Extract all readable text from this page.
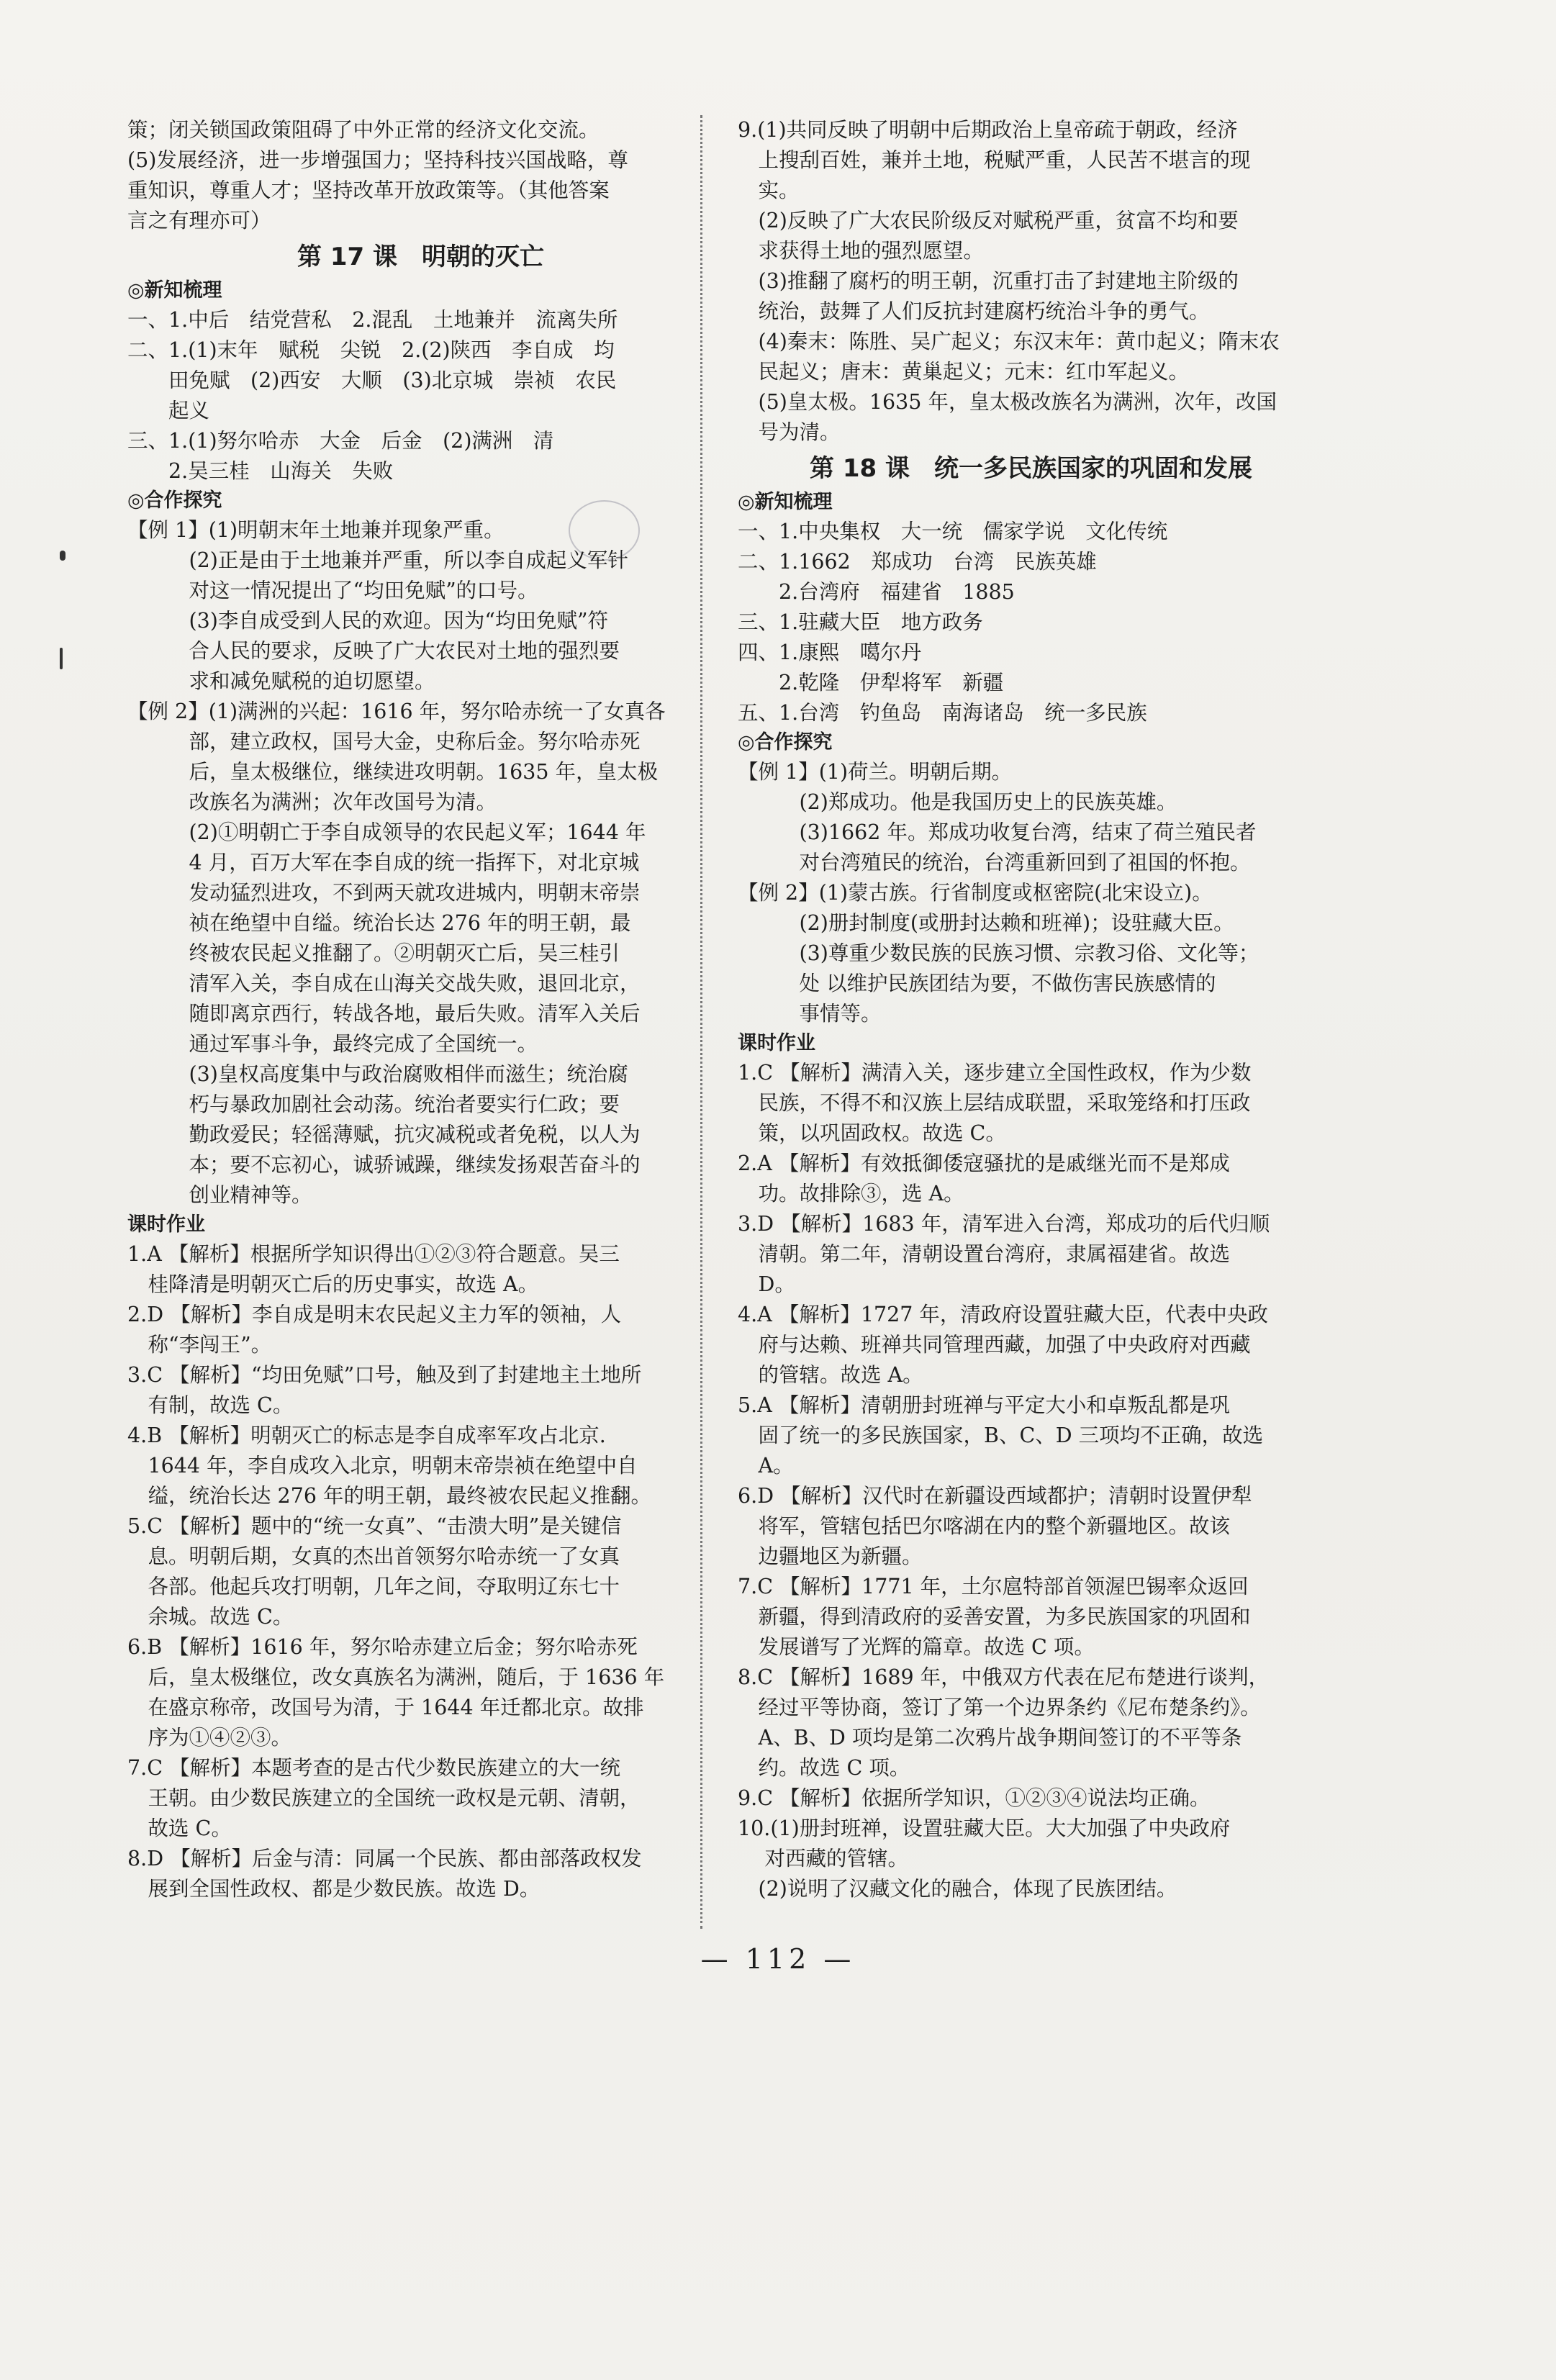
策；闭关锁国政策阻碍了中外正常的经济文化交流。
(5)发展经济，进一步增强国力；坚持科技兴国战略，尊
重知识，尊重人才；坚持改革开放政策等。（其他答案
言之有理亦可）
第 17 课　明朝的灭亡
◎新知梳理
一、1.中后　结党营私　2.混乱　土地兼并　流离失所
二、1.(1)末年　赋税　尖锐　2.(2)陕西　李自成　均
　　田免赋　(2)西安　大顺　(3)北京城　崇祯　农民
　　起义
三、1.(1)努尔哈赤　大金　后金　(2)满洲　清
　　2.吴三桂　山海关　失败
◎合作探究
【例 1】(1)明朝末年土地兼并现象严重。
　　　(2)正是由于土地兼并严重，所以李自成起义军针
　　　对这一情况提出了“均田免赋”的口号。
　　　(3)李自成受到人民的欢迎。因为“均田免赋”符
　　　合人民的要求，反映了广大农民对土地的强烈要
　　　求和减免赋税的迫切愿望。
【例 2】(1)满洲的兴起：1616 年，努尔哈赤统一了女真各
　　　部，建立政权，国号大金，史称后金。努尔哈赤死
　　　后，皇太极继位，继续进攻明朝。1635 年，皇太极
　　　改族名为满洲；次年改国号为清。
　　　(2)①明朝亡于李自成领导的农民起义军；1644 年
　　　4 月，百万大军在李自成的统一指挥下，对北京城
　　　发动猛烈进攻，不到两天就攻进城内，明朝末帝崇
　　　祯在绝望中自缢。统治长达 276 年的明王朝，最
　　　终被农民起义推翻了。②明朝灭亡后，吴三桂引
　　　清军入关，李自成在山海关交战失败，退回北京，
　　　随即离京西行，转战各地，最后失败。清军入关后
　　　通过军事斗争，最终完成了全国统一。
　　　(3)皇权高度集中与政治腐败相伴而滋生；统治腐
　　　朽与暴政加剧社会动荡。统治者要实行仁政；要
　　　勤政爱民；轻徭薄赋，抗灾减税或者免税，以人为
　　　本；要不忘初心，诚骄诫躁，继续发扬艰苦奋斗的
　　　创业精神等。
课时作业
1.A 【解析】根据所学知识得出①②③符合题意。吴三
　桂降清是明朝灭亡后的历史事实，故选 A。
2.D 【解析】李自成是明末农民起义主力军的领袖，人
　称“李闯王”。
3.C 【解析】“均田免赋”口号，触及到了封建地主土地所
　有制，故选 C。
4.B 【解析】明朝灭亡的标志是李自成率军攻占北京.
　1644 年，李自成攻入北京，明朝末帝崇祯在绝望中自
　缢，统治长达 276 年的明王朝，最终被农民起义推翻。
5.C 【解析】题中的“统一女真”、“击溃大明”是关键信
　息。明朝后期，女真的杰出首领努尔哈赤统一了女真
　各部。他起兵攻打明朝，几年之间，夺取明辽东七十
　余城。故选 C。
6.B 【解析】1616 年，努尔哈赤建立后金；努尔哈赤死
　后，皇太极继位，改女真族名为满洲，随后，于 1636 年
　在盛京称帝，改国号为清，于 1644 年迁都北京。故排
　序为①④②③。
7.C 【解析】本题考查的是古代少数民族建立的大一统
　王朝。由少数民族建立的全国统一政权是元朝、清朝，
　故选 C。
8.D 【解析】后金与清：同属一个民族、都由部落政权发
　展到全国性政权、都是少数民族。故选 D。
9.(1)共同反映了明朝中后期政治上皇帝疏于朝政，经济
　上搜刮百姓，兼并土地，税赋严重，人民苦不堪言的现
　实。
　(2)反映了广大农民阶级反对赋税严重，贫富不均和要
　求获得土地的强烈愿望。
　(3)推翻了腐朽的明王朝，沉重打击了封建地主阶级的
　统治，鼓舞了人们反抗封建腐朽统治斗争的勇气。
　(4)秦末：陈胜、吴广起义；东汉末年：黄巾起义；隋末农
　民起义；唐末：黄巢起义；元末：红巾军起义。
　(5)皇太极。1635 年，皇太极改族名为满洲，次年，改国
　号为清。
第 18 课　统一多民族国家的巩固和发展
◎新知梳理
一、1.中央集权　大一统　儒家学说　文化传统
二、1.1662　郑成功　台湾　民族英雄
　　2.台湾府　福建省　1885
三、1.驻藏大臣　地方政务
四、1.康熙　噶尔丹
　　2.乾隆　伊犁将军　新疆
五、1.台湾　钓鱼岛　南海诸岛　统一多民族
◎合作探究
【例 1】(1)荷兰。明朝后期。
　　　(2)郑成功。他是我国历史上的民族英雄。
　　　(3)1662 年。郑成功收复台湾，结束了荷兰殖民者
　　　对台湾殖民的统治，台湾重新回到了祖国的怀抱。
【例 2】(1)蒙古族。行省制度或枢密院(北宋设立)。
　　　(2)册封制度(或册封达赖和班禅)；设驻藏大臣。
　　　(3)尊重少数民族的民族习惯、宗教习俗、文化等；
　　　处 以维护民族团结为要，不做伤害民族感情的
　　　事情等。
课时作业
1.C 【解析】满清入关，逐步建立全国性政权，作为少数
　民族，不得不和汉族上层结成联盟，采取笼络和打压政
　策，以巩固政权。故选 C。
2.A 【解析】有效抵御倭寇骚扰的是戚继光而不是郑成
　功。故排除③，选 A。
3.D 【解析】1683 年，清军进入台湾，郑成功的后代归顺
　清朝。第二年，清朝设置台湾府，隶属福建省。故选
　D。
4.A 【解析】1727 年，清政府设置驻藏大臣，代表中央政
　府与达赖、班禅共同管理西藏，加强了中央政府对西藏
　的管辖。故选 A。
5.A 【解析】清朝册封班禅与平定大小和卓叛乱都是巩
　固了统一的多民族国家，B、C、D 三项均不正确，故选
　A。
6.D 【解析】汉代时在新疆设西域都护；清朝时设置伊犁
　将军，管辖包括巴尔喀湖在内的整个新疆地区。故该
　边疆地区为新疆。
7.C 【解析】1771 年，土尔扈特部首领渥巴锡率众返回
　新疆，得到清政府的妥善安置，为多民族国家的巩固和
　发展谱写了光辉的篇章。故选 C 项。
8.C 【解析】1689 年，中俄双方代表在尼布楚进行谈判，
　经过平等协商，签订了第一个边界条约《尼布楚条约》。
　A、B、D 项均是第二次鸦片战争期间签订的不平等条
　约。故选 C 项。
9.C 【解析】依据所学知识，①②③④说法均正确。
10.(1)册封班禅，设置驻藏大臣。大大加强了中央政府
　 对西藏的管辖。
　(2)说明了汉藏文化的融合，体现了民族团结。
— 112 —
